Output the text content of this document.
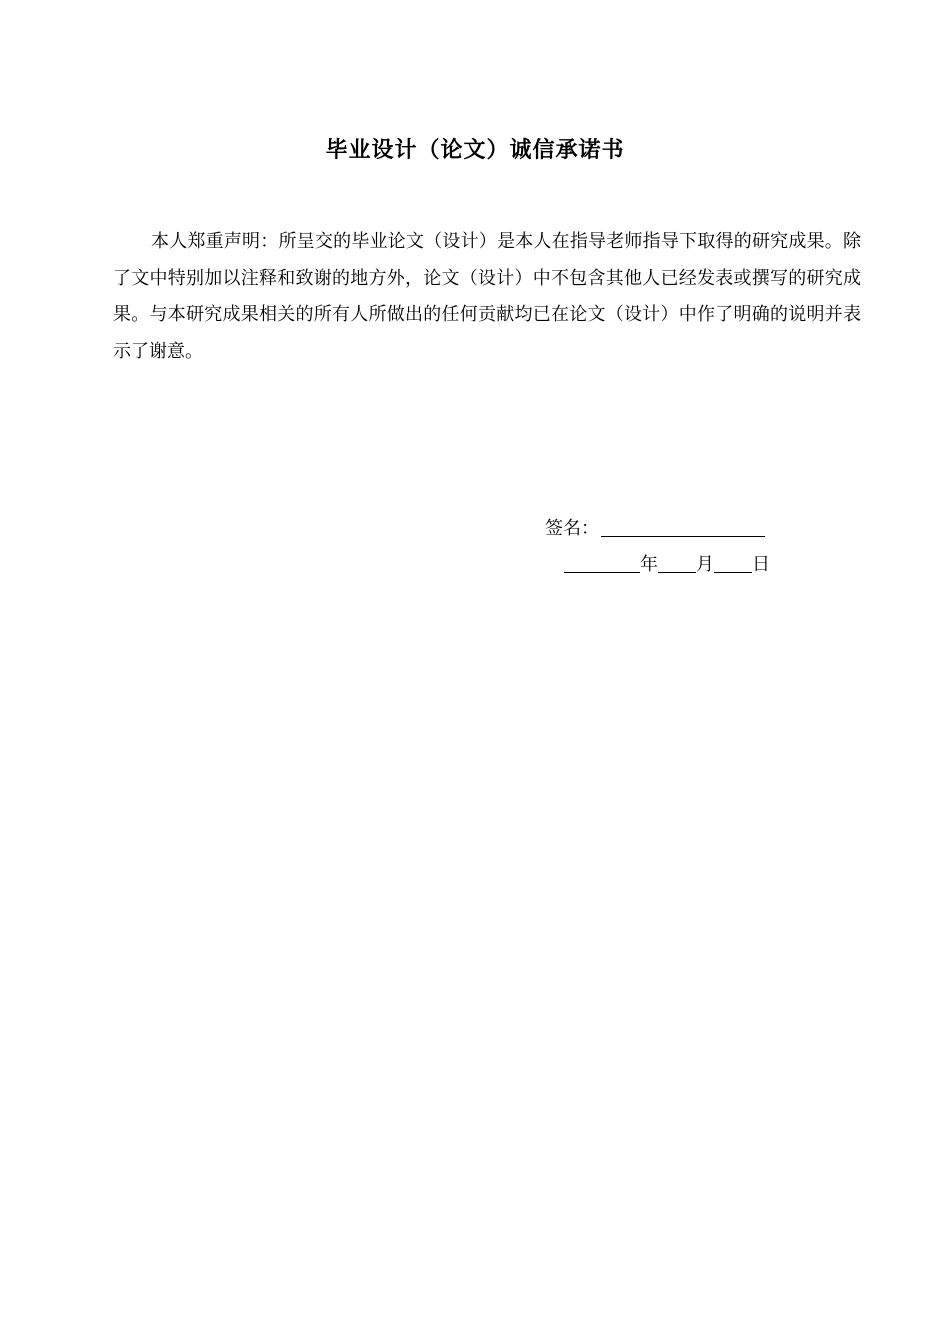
毕业设计（论文）诚信承诺书

本人郑重声明：所呈交的毕业论文（设计）是本人在指导老师指导下取得的研究成果。除了文中特别加以注释和致谢的地方外，论文（设计）中不包含其他人已经发表或撰写的研究成果。与本研究成果相关的所有人所做出的任何贡献均已在论文（设计）中作了明确的说明并表示了谢意。

签名：
年 月 日
